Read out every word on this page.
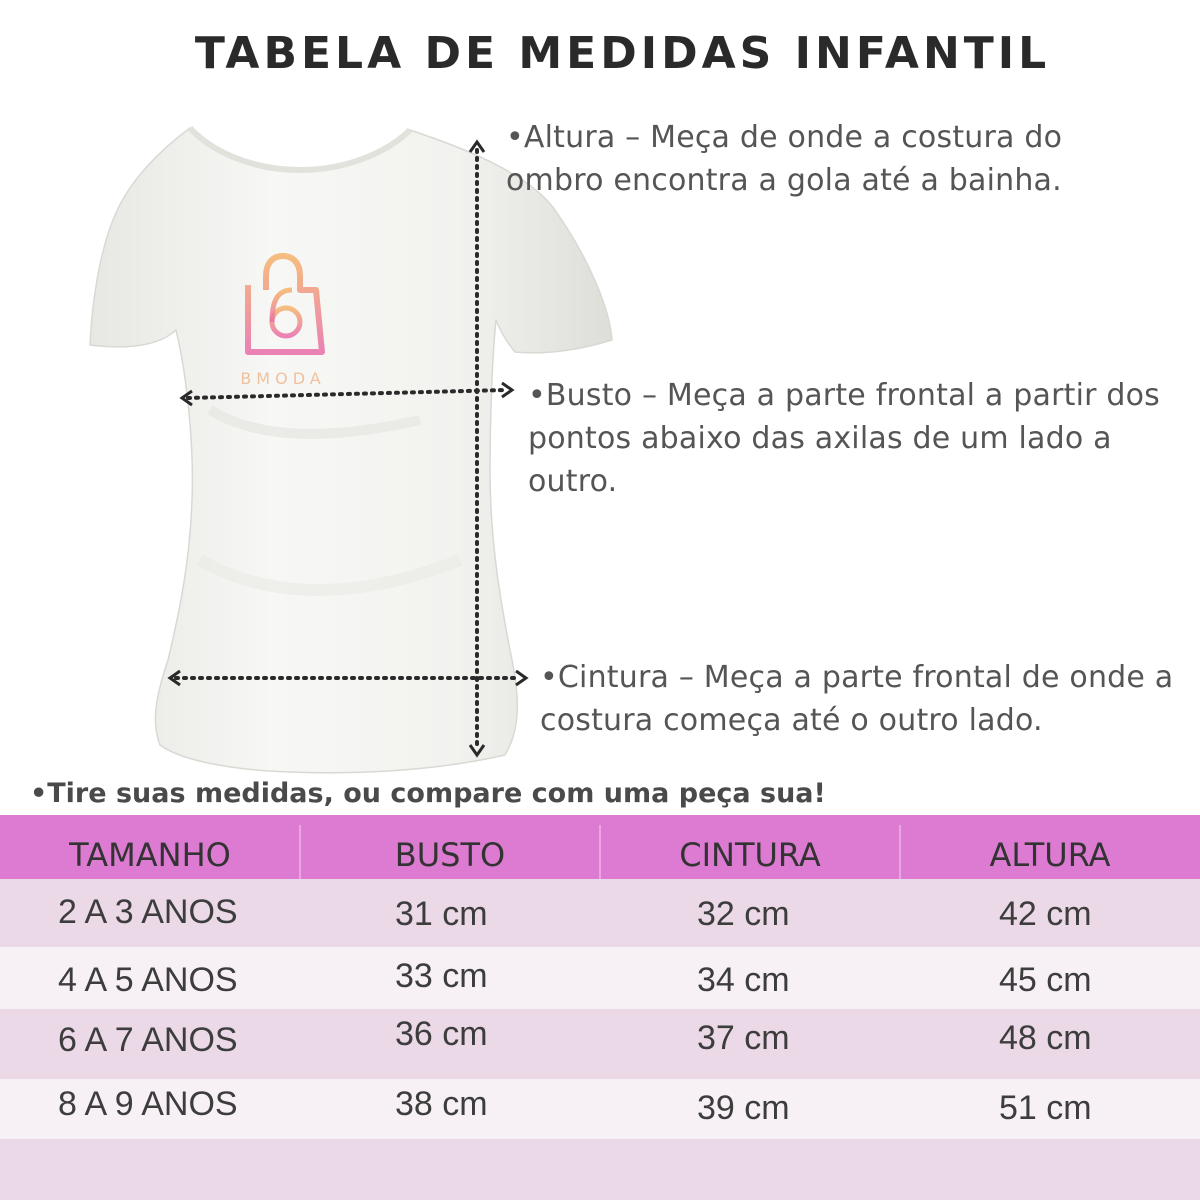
TABELA DE MEDIDAS INFANTIL
BMODA
•Altura – Meça de onde a costura do ombro encontra a gola até a bainha.
•Busto – Meça a parte frontal a partir dos pontos abaixo das axilas de um lado a outro.
•Cintura – Meça a parte frontal de onde a costura começa até o outro lado.
•Tire suas medidas, ou compare com uma peça sua!
TAMANHO	BUSTO	CINTURA	ALTURA
2 A 3 ANOS	31 cm	32 cm	42 cm
4 A 5 ANOS	33 cm	34 cm	45 cm
6 A 7 ANOS	36 cm	37 cm	48 cm
8 A 9 ANOS	38 cm	39 cm	51 cm
